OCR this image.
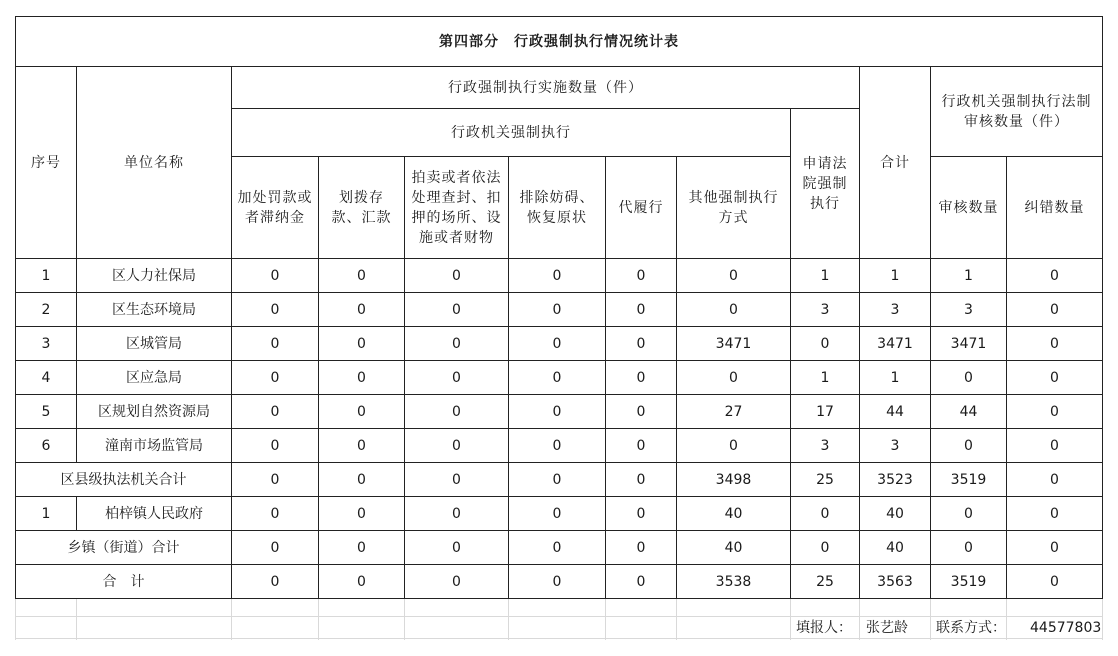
第四部分　行政强制执行情况统计表											
序号	单位名称	行政强制执行实施数量（件）							合计	行政机关强制执行法制审核数量（件）	
		行政机关强制执行						申请法院强制执行			
		加处罚款或者滞纳金	划拨存款、汇款	拍卖或者依法处理查封、扣押的场所、设施或者财物	排除妨碍、恢复原状	代履行	其他强制执行方式			审核数量	纠错数量
1	区人力社保局	0	0	0	0	0	0	1	1	1	0
2	区生态环境局	0	0	0	0	0	0	3	3	3	0
3	区城管局	0	0	0	0	0	3471	0	3471	3471	0
4	区应急局	0	0	0	0	0	0	1	1	0	0
5	区规划自然资源局	0	0	0	0	0	27	17	44	44	0
6	潼南市场监管局	0	0	0	0	0	0	3	3	0	0
区县级执法机关合计		0	0	0	0	0	3498	25	3523	3519	0
1	柏梓镇人民政府	0	0	0	0	0	40	0	40	0	0
乡镇（街道）合计		0	0	0	0	0	40	0	40	0	0
合　计		0	0	0	0	0	3538	25	3563	3519	0
填报人： 张艺龄 联系方式： 44577803
